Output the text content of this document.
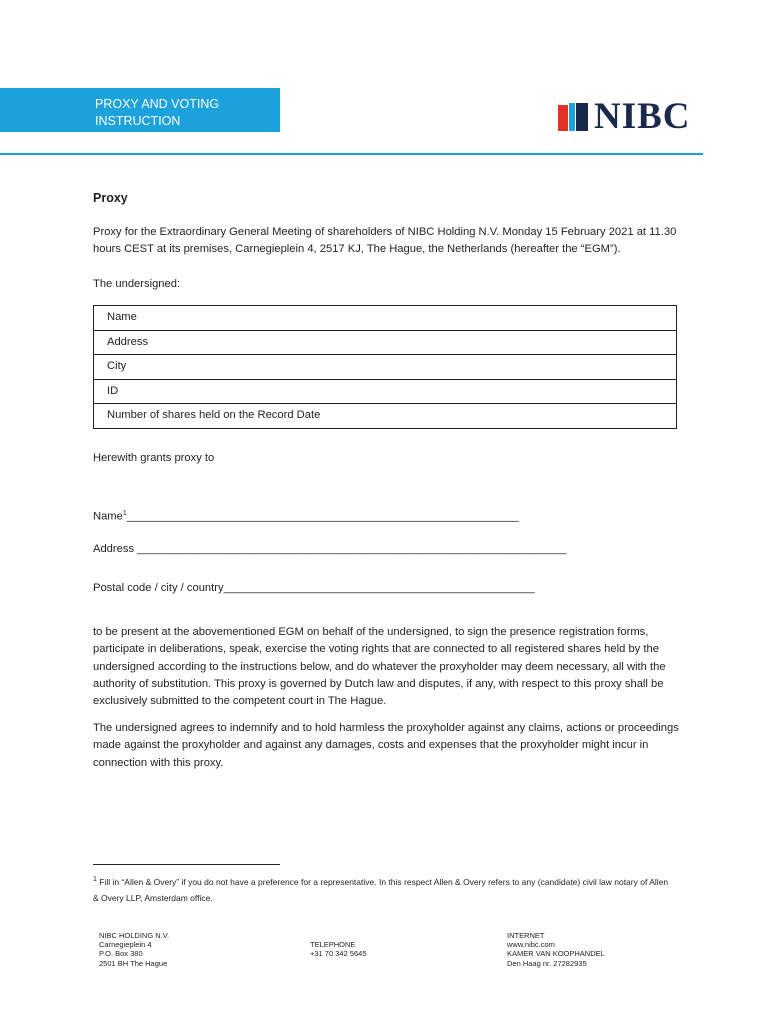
PROXY AND VOTING
INSTRUCTION	NIBC
Proxy
Proxy for the Extraordinary General Meeting of shareholders of NIBC Holding N.V. Monday 15 February 2021 at 11.30 hours CEST at its premises, Carnegieplein 4, 2517 KJ, The Hague, the Netherlands (hereafter the “EGM”).
The undersigned:
Name
Address
City
ID
Number of shares held on the Record Date
Herewith grants proxy to
Name$^1$_______________________________________________________________
Address _____________________________________________________________________
Postal code / city / country__________________________________________________
to be present at the abovementioned EGM on behalf of the undersigned, to sign the presence registration forms, participate in deliberations, speak, exercise the voting rights that are connected to all registered shares held by the undersigned according to the instructions below, and do whatever the proxyholder may deem necessary, all with the authority of substitution. This proxy is governed by Dutch law and disputes, if any, with respect to this proxy shall be exclusively submitted to the competent court in The Hague.
The undersigned agrees to indemnify and to hold harmless the proxyholder against any claims, actions or proceedings made against the proxyholder and against any damages, costs and expenses that the proxyholder might incur in connection with this proxy.
$^1$ Fill in “Allen & Overy” if you do not have a preference for a representative. In this respect Allen & Overy refers to any (candidate) civil law notary of Allen & Overy LLP, Amsterdam office.
NIBC HOLDING N.V.
Carnegieplein 4
P.O. Box 380
2501 BH The Hague
TELEPHONE
+31 70 342 5645
INTERNET
www.nibc.com
KAMER VAN KOOPHANDEL
Den Haag nr. 27282935
